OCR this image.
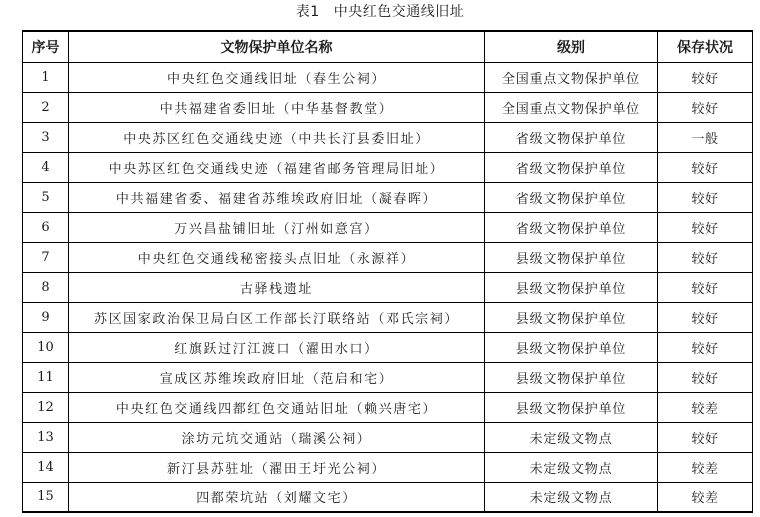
表1 中央红色交通线旧址
序号	文物保护单位名称	级别	保存状况
1	中央红色交通线旧址（春生公祠）	全国重点文物保护单位	较好
2	中共福建省委旧址（中华基督教堂）	全国重点文物保护单位	较好
3	中央苏区红色交通线史迹（中共长汀县委旧址）	省级文物保护单位	一般
4	中央苏区红色交通线史迹（福建省邮务管理局旧址）	省级文物保护单位	较好
5	中共福建省委、福建省苏维埃政府旧址（凝春晖）	省级文物保护单位	较好
6	万兴昌盐铺旧址（汀州如意宫）	省级文物保护单位	较好
7	中央红色交通线秘密接头点旧址（永源祥）	县级文物保护单位	较好
8	古驿栈遗址	县级文物保护单位	较好
9	苏区国家政治保卫局白区工作部长汀联络站（邓氏宗祠）	县级文物保护单位	较好
10	红旗跃过汀江渡口（濯田水口）	县级文物保护单位	较好
11	宣成区苏维埃政府旧址（范启和宅）	县级文物保护单位	较好
12	中央红色交通线四都红色交通站旧址（赖兴唐宅）	县级文物保护单位	较差
13	涂坊元坑交通站（瑞溪公祠）	未定级文物点	较好
14	新汀县苏驻址（濯田王圩光公祠）	未定级文物点	较差
15	四都荣坑站（刘耀文宅）	未定级文物点	较差
